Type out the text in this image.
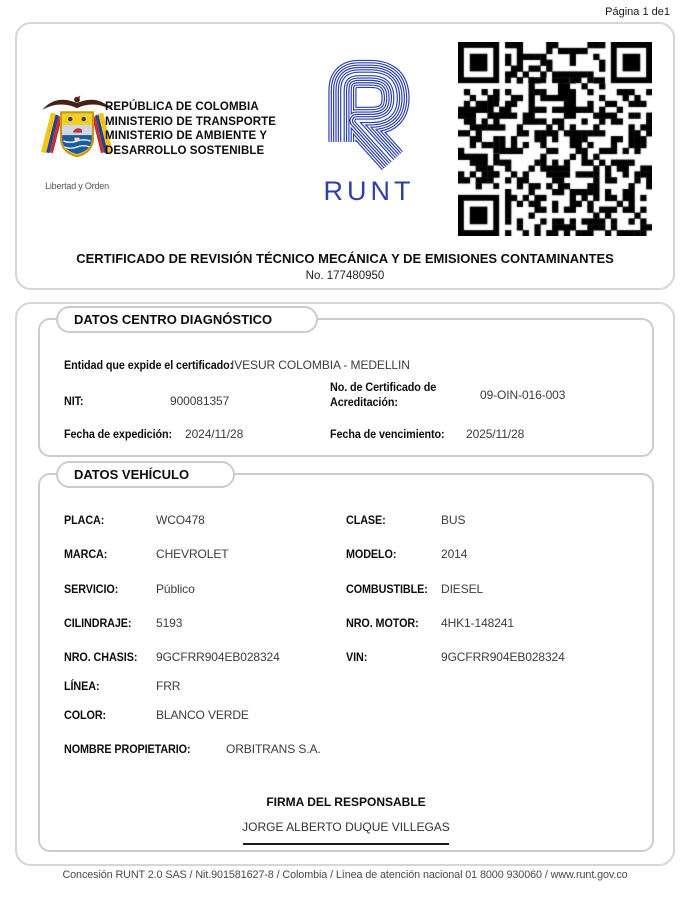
Página 1 de1
Libertad y Orden
REPÚBLICA DE COLOMBIA
MINISTERIO DE TRANSPORTE
MINISTERIO DE AMBIENTE Y
DESARROLLO SOSTENIBLE
RUNT
CERTIFICADO DE REVISIÓN TÉCNICO MECÁNICA Y DE EMISIONES CONTAMINANTES
No. 177480950
DATOS CENTRO DIAGNÓSTICO
Entidad que expide el certificado:
IVESUR COLOMBIA - MEDELLIN
NIT:	900081357
No. de Certificado de Acreditación:	09-OIN-016-003
Fecha de expedición: 2024/11/28	Fecha de vencimiento: 2025/11/28
DATOS VEHÍCULO
PLACA:	WCO478	CLASE:	BUS
MARCA:	CHEVROLET	MODELO:	2014
SERVICIO:	Público	COMBUSTIBLE: DIESEL
CILINDRAJE: 5193	NRO. MOTOR: 4HK1-148241
NRO. CHASIS: 9GCFRR904EB028324	VIN:	9GCFRR904EB028324
LÍNEA:	FRR
COLOR:	BLANCO VERDE
NOMBRE PROPIETARIO:	ORBITRANS S.A.
FIRMA DEL RESPONSABLE
JORGE ALBERTO DUQUE VILLEGAS
Concesión RUNT 2.0 SAS / Nit.901581627-8 / Colombia / Línea de atención nacional 01 8000 930060 / www.runt.gov.co
